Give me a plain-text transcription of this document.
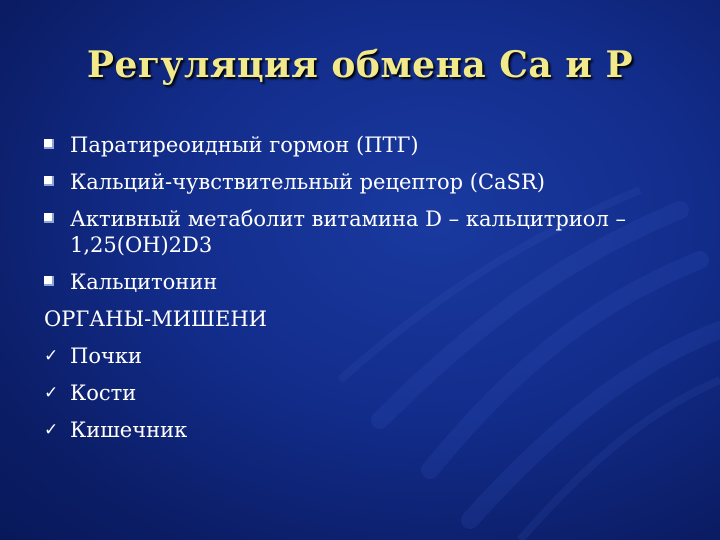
Регуляция обмена Са и Р
Паратиреоидный гормон (ПТГ)
Кальций-чувствительный рецептор (CaSR)
Активный метаболит витамина D – кальцитриол – 1,25(OH)2D3
Кальцитонин
ОРГАНЫ-МИШЕНИ
✓ Почки
✓ Кости
✓ Кишечник
